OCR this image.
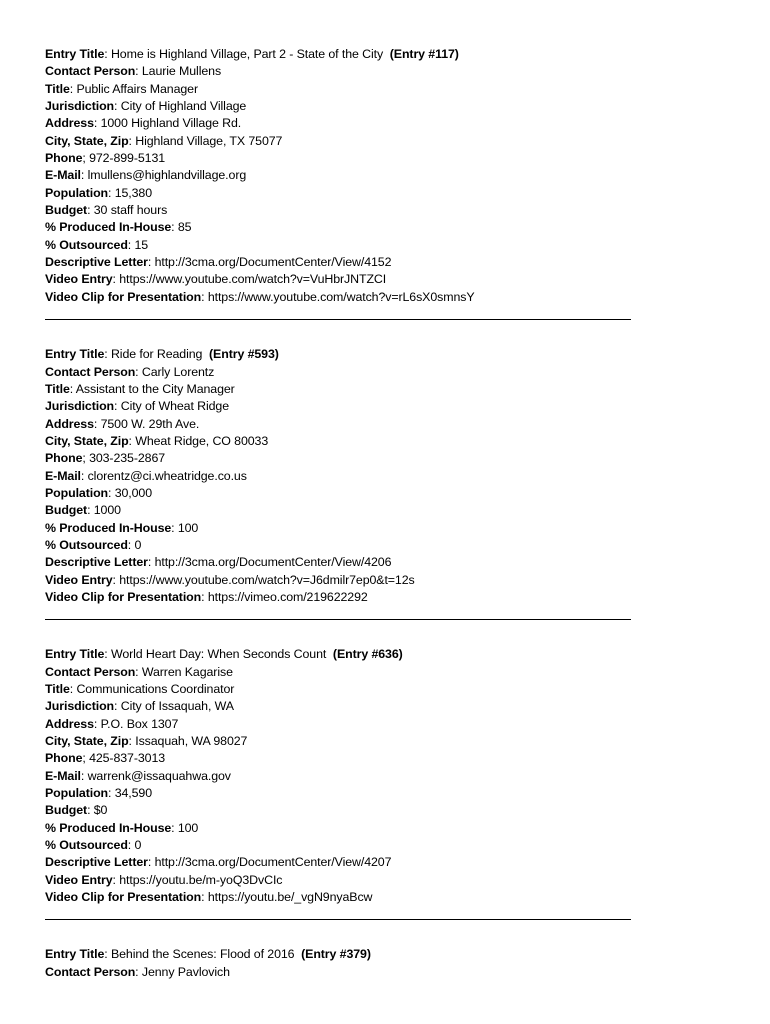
Entry Title: Home is Highland Village, Part 2 - State of the City (Entry #117)
Contact Person: Laurie Mullens
Title: Public Affairs Manager
Jurisdiction: City of Highland Village
Address: 1000 Highland Village Rd.
City, State, Zip: Highland Village, TX 75077
Phone; 972-899-5131
E-Mail: lmullens@highlandvillage.org
Population: 15,380
Budget: 30 staff hours
% Produced In-House: 85
% Outsourced: 15
Descriptive Letter: http://3cma.org/DocumentCenter/View/4152
Video Entry: https://www.youtube.com/watch?v=VuHbrJNTZCI
Video Clip for Presentation: https://www.youtube.com/watch?v=rL6sX0smnsY
Entry Title: Ride for Reading (Entry #593)
Contact Person: Carly Lorentz
Title: Assistant to the City Manager
Jurisdiction: City of Wheat Ridge
Address: 7500 W. 29th Ave.
City, State, Zip: Wheat Ridge, CO 80033
Phone; 303-235-2867
E-Mail: clorentz@ci.wheatridge.co.us
Population: 30,000
Budget: 1000
% Produced In-House: 100
% Outsourced: 0
Descriptive Letter: http://3cma.org/DocumentCenter/View/4206
Video Entry: https://www.youtube.com/watch?v=J6dmilr7ep0&t=12s
Video Clip for Presentation: https://vimeo.com/219622292
Entry Title: World Heart Day: When Seconds Count (Entry #636)
Contact Person: Warren Kagarise
Title: Communications Coordinator
Jurisdiction: City of Issaquah, WA
Address: P.O. Box 1307
City, State, Zip: Issaquah, WA 98027
Phone; 425-837-3013
E-Mail: warrenk@issaquahwa.gov
Population: 34,590
Budget: $0
% Produced In-House: 100
% Outsourced: 0
Descriptive Letter: http://3cma.org/DocumentCenter/View/4207
Video Entry: https://youtu.be/m-yoQ3DvCIc
Video Clip for Presentation: https://youtu.be/_vgN9nyaBcw
Entry Title: Behind the Scenes: Flood of 2016 (Entry #379)
Contact Person: Jenny Pavlovich
